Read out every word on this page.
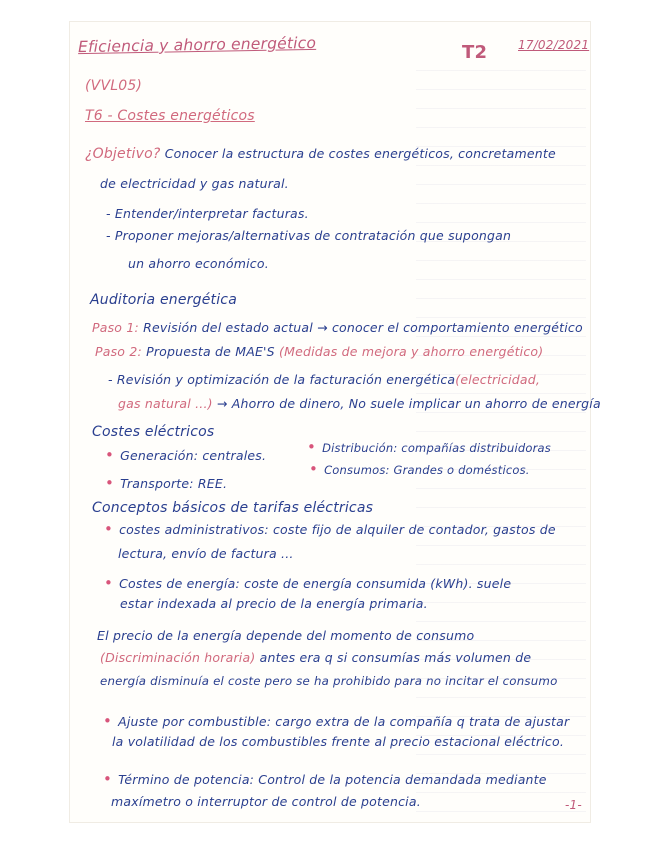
Eficiencia y ahorro energético	T2	17/02/2021
(VVL05)
T6 - Costes energéticos
¿Objetivo? Conocer la estructura de costes energéticos, concretamente
de electricidad y gas natural.
- Entender/interpretar facturas.
- Proponer mejoras/alternativas de contratación que supongan
un ahorro económico.
Auditoria energética
Paso 1: Revisión del estado actual → conocer el comportamiento energético
Paso 2: Propuesta de MAE'S (Medidas de mejora y ahorro energético)
- Revisión y optimización de la facturación energética(electricidad,
gas natural ...) → Ahorro de dinero, No suele implicar un ahorro de energía
Costes eléctricos
• Generación: centrales.	• Distribución: compañías distribuidoras
• Consumos: Grandes o domésticos.
• Transporte: REE.
Conceptos básicos de tarifas eléctricas
• costes administrativos: coste fijo de alquiler de contador, gastos de
lectura, envío de factura ...
• Costes de energía: coste de energía consumida (kWh). suele
estar indexada al precio de la energía primaria.
El precio de la energía depende del momento de consumo
(Discriminación horaria) antes era q si consumías más volumen de
energía disminuía el coste pero se ha prohibido para no incitar el consumo
• Ajuste por combustible: cargo extra de la compañía q trata de ajustar
la volatilidad de los combustibles frente al precio estacional eléctrico.
• Término de potencia: Control de la potencia demandada mediante
maxímetro o interruptor de control de potencia.	-1-
